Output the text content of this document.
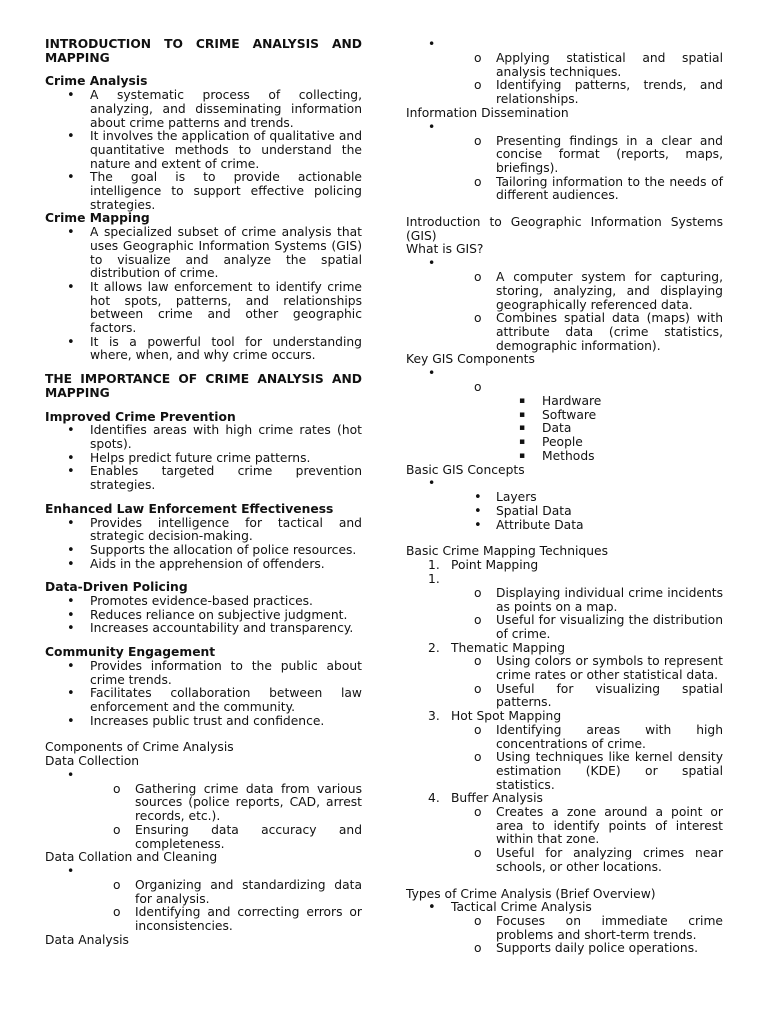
INTRODUCTION TO CRIME ANALYSIS AND MAPPING
Crime Analysis
• A systematic process of collecting, analyzing, and disseminating information about crime patterns and trends.
• It involves the application of qualitative and quantitative methods to understand the nature and extent of crime.
• The goal is to provide actionable intelligence to support effective policing strategies.
Crime Mapping
• A specialized subset of crime analysis that uses Geographic Information Systems (GIS) to visualize and analyze the spatial distribution of crime.
• It allows law enforcement to identify crime hot spots, patterns, and relationships between crime and other geographic factors.
• It is a powerful tool for understanding where, when, and why crime occurs.
THE IMPORTANCE OF CRIME ANALYSIS AND MAPPING
Improved Crime Prevention
• Identifies areas with high crime rates (hot spots).
• Helps predict future crime patterns.
• Enables targeted crime prevention strategies.
Enhanced Law Enforcement Effectiveness
• Provides intelligence for tactical and strategic decision-making.
• Supports the allocation of police resources.
• Aids in the apprehension of offenders.
Data-Driven Policing
• Promotes evidence-based practices.
• Reduces reliance on subjective judgment.
• Increases accountability and transparency.
Community Engagement
• Provides information to the public about crime trends.
• Facilitates collaboration between law enforcement and the community.
• Increases public trust and confidence.
Components of Crime Analysis
Data Collection
•
o Gathering crime data from various sources (police reports, CAD, arrest records, etc.).
o Ensuring data accuracy and completeness.
Data Collation and Cleaning
•
o Organizing and standardizing data for analysis.
o Identifying and correcting errors or inconsistencies.
Data Analysis
•
o Applying statistical and spatial analysis techniques.
o Identifying patterns, trends, and relationships.
Information Dissemination
•
o Presenting findings in a clear and concise format (reports, maps, briefings).
o Tailoring information to the needs of different audiences.
Introduction to Geographic Information Systems (GIS)
What is GIS?
•
o A computer system for capturing, storing, analyzing, and displaying geographically referenced data.
o Combines spatial data (maps) with attribute data (crime statistics, demographic information).
Key GIS Components
•
o
▪ Hardware
▪ Software
▪ Data
▪ People
▪ Methods
Basic GIS Concepts
•
• Layers
• Spatial Data
• Attribute Data
Basic Crime Mapping Techniques
1. Point Mapping
1.
o Displaying individual crime incidents as points on a map.
o Useful for visualizing the distribution of crime.
2. Thematic Mapping
o Using colors or symbols to represent crime rates or other statistical data.
o Useful for visualizing spatial patterns.
3. Hot Spot Mapping
o Identifying areas with high concentrations of crime.
o Using techniques like kernel density estimation (KDE) or spatial statistics.
4. Buffer Analysis
o Creates a zone around a point or area to identify points of interest within that zone.
o Useful for analyzing crimes near schools, or other locations.
Types of Crime Analysis (Brief Overview)
• Tactical Crime Analysis
o Focuses on immediate crime problems and short-term trends.
o Supports daily police operations.
